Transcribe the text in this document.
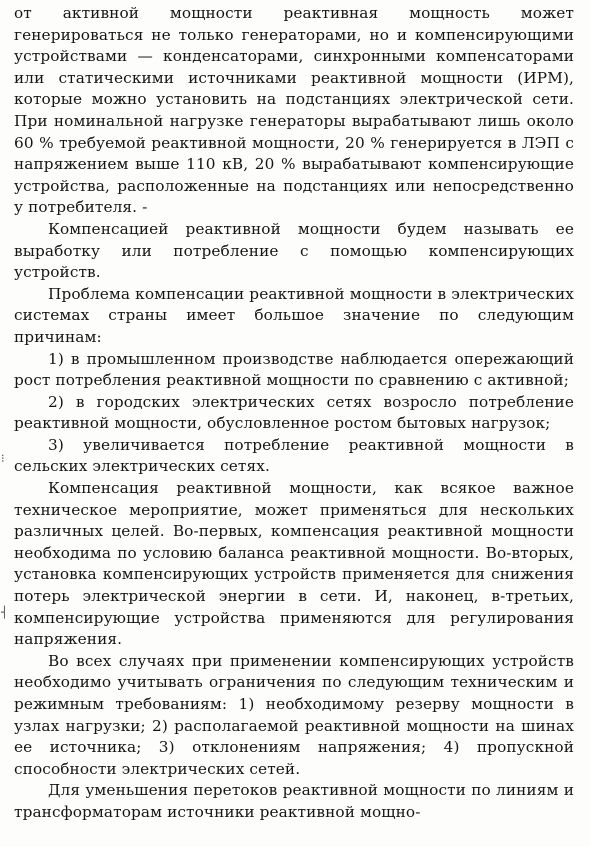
от активной мощности реактивная мощность может генерироваться не только генераторами, но и компенсирующими устройствами — конденсаторами, синхронными компенсаторами или статическими источниками реактивной мощности (ИРМ), которые можно установить на подстанциях электрической сети. При номинальной нагрузке генераторы вырабатывают лишь около 60 % требуемой реактивной мощности, 20 % генерируется в ЛЭП с напряжением выше 110 кВ, 20 % вырабатывают компенсирующие устройства, расположенные на подстанциях или непосредственно у потребителя. -

Компенсацией реактивной мощности будем называть ее выработку или потребление с помощью компенсирующих устройств.

Проблема компенсации реактивной мощности в электрических системах страны имеет большое значение по следующим причинам:

1) в промышленном производстве наблюдается опережающий рост потребления реактивной мощности по сравнению с активной;

2) в городских электрических сетях возросло потребление реактивной мощности, обусловленное ростом бытовых нагрузок;

3) увеличивается потребление реактивной мощности в сельских электрических сетях.

Компенсация реактивной мощности, как всякое важное техническое мероприятие, может применяться для нескольких различных целей. Во-первых, компенсация реактивной мощности необходима по условию баланса реактивной мощности. Во-вторых, установка компенсирующих устройств применяется для снижения потерь электрической энергии в сети. И, наконец, в-третьих, компенсирующие устройства применяются для регулирования напряжения.

Во всех случаях при применении компенсирующих устройств необходимо учитывать ограничения по следующим техническим и режимным требованиям: 1) необходимому резерву мощности в узлах нагрузки; 2) располагаемой реактивной мощности на шинах ее источника; 3) отклонениям напряжения; 4) пропускной способности электрических сетей.

Для уменьшения перетоков реактивной мощности по линиям и трансформаторам источники реактивной мощно-

⁝
┤
